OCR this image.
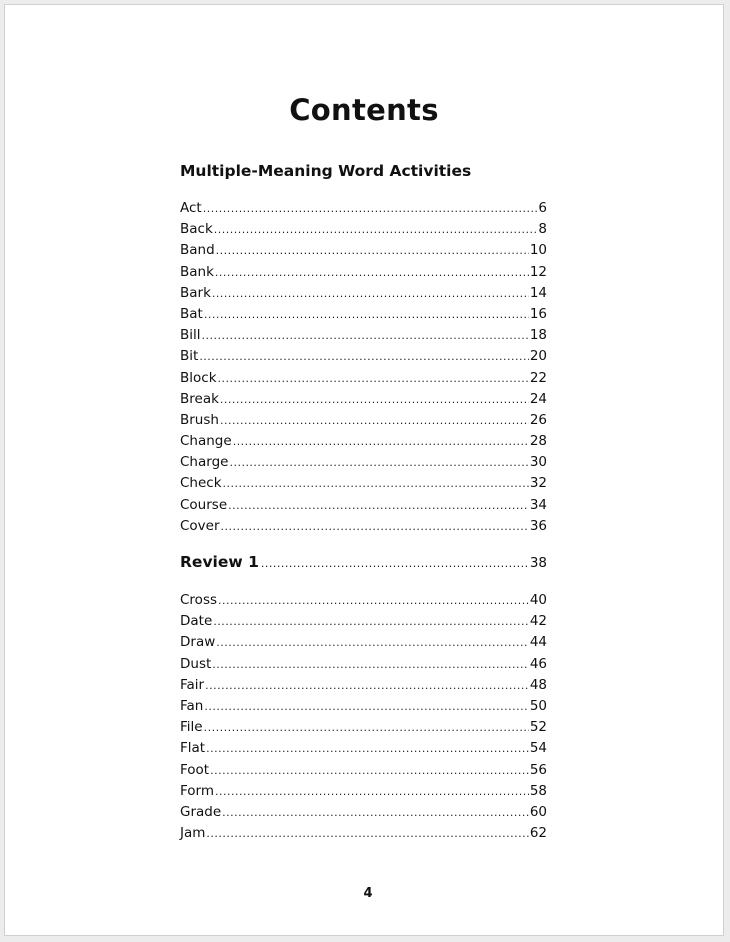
Contents
Multiple-Meaning Word Activities
Act .....	6
Back .....	8
Band .....	10
Bank .....	12
Bark .....	14
Bat .....	16
Bill .....	18
Bit .....	20
Block .....	22
Break .....	24
Brush .....	26
Change .....	28
Charge .....	30
Check .....	32
Course .....	34
Cover .....	36
Review 1 .....	38
Cross .....	40
Date .....	42
Draw .....	44
Dust .....	46
Fair .....	48
Fan .....	50
File .....	52
Flat .....	54
Foot .....	56
Form .....	58
Grade .....	60
Jam .....	62
4
